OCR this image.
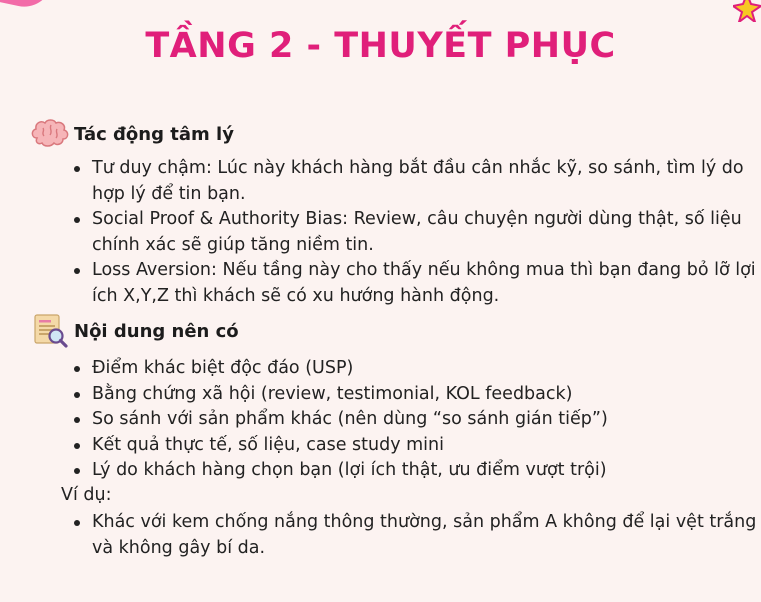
TẦNG 2 - THUYẾT PHỤC
Tác động tâm lý
Tư duy chậm: Lúc này khách hàng bắt đầu cân nhắc kỹ, so sánh, tìm lý do hợp lý để tin bạn.
Social Proof & Authority Bias: Review, câu chuyện người dùng thật, số liệu chính xác sẽ giúp tăng niềm tin.
Loss Aversion: Nếu tầng này cho thấy nếu không mua thì bạn đang bỏ lỡ lợi ích X,Y,Z thì khách sẽ có xu hướng hành động.
Nội dung nên có
Điểm khác biệt độc đáo (USP)
Bằng chứng xã hội (review, testimonial, KOL feedback)
So sánh với sản phẩm khác (nên dùng “so sánh gián tiếp”)
Kết quả thực tế, số liệu, case study mini
Lý do khách hàng chọn bạn (lợi ích thật, ưu điểm vượt trội)
Ví dụ:
Khác với kem chống nắng thông thường, sản phẩm A không để lại vệt trắng và không gây bí da.
